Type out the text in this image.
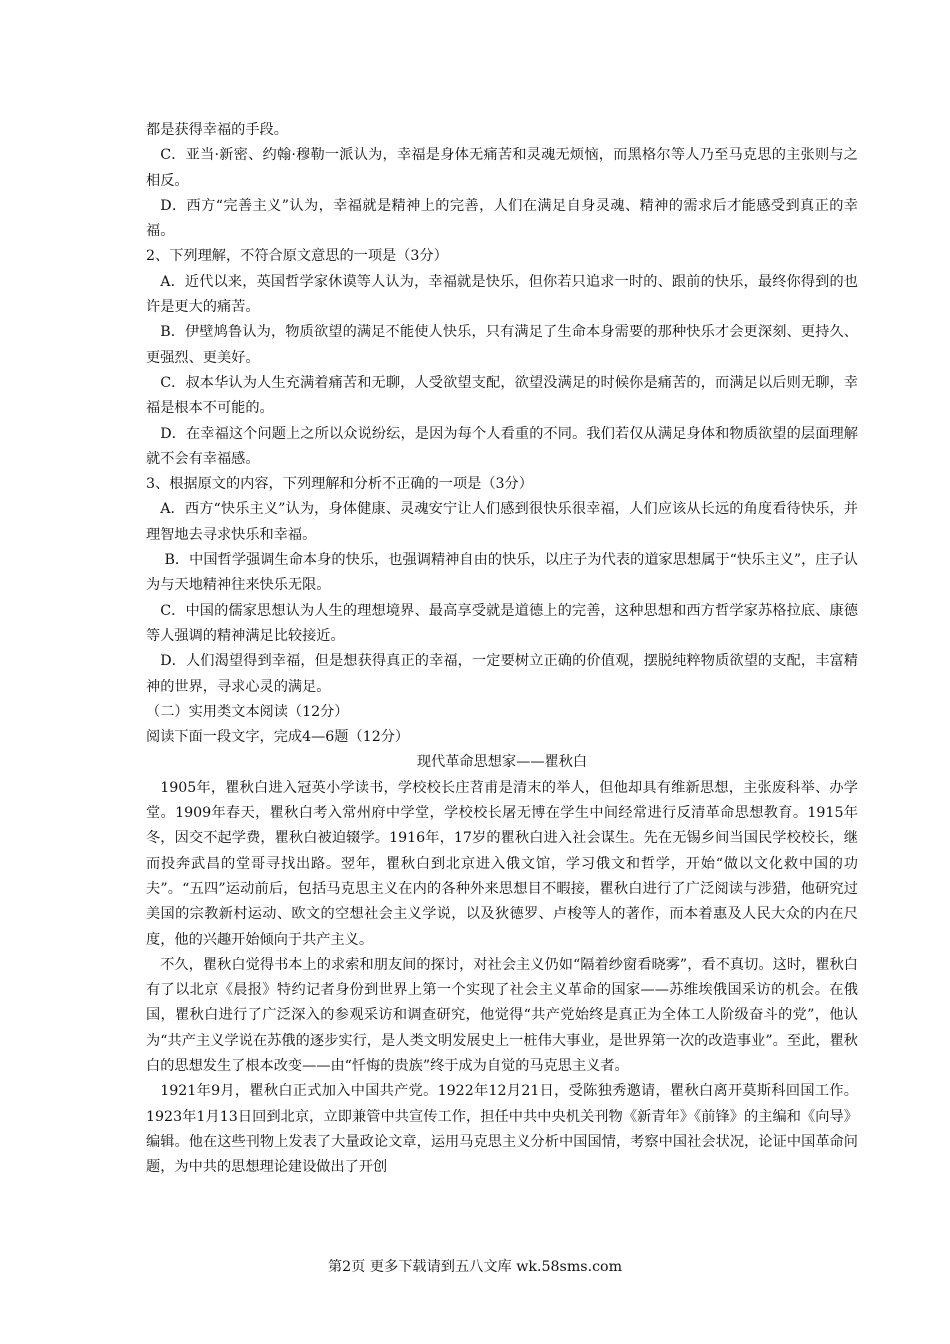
都是获得幸福的手段。

C．亚当·新密、约翰·穆勒一派认为，幸福是身体无痛苦和灵魂无烦恼，而黑格尔等人乃至马克思的主张则与之相反。

D．西方“完善主义”认为，幸福就是精神上的完善，人们在满足自身灵魂、精神的需求后才能感受到真正的幸福。

2、下列理解，不符合原文意思的一项是（3分）

A．近代以来，英国哲学家休谟等人认为，幸福就是快乐，但你若只追求一时的、跟前的快乐，最终你得到的也许是更大的痛苦。

B．伊壁鸠鲁认为，物质欲望的满足不能使人快乐，只有满足了生命本身需要的那种快乐才会更深刻、更持久、更强烈、更美好。

C．叔本华认为人生充满着痛苦和无聊，人受欲望支配，欲望没满足的时候你是痛苦的，而满足以后则无聊，幸福是根本不可能的。

D．在幸福这个问题上之所以众说纷纭，是因为每个人看重的不同。我们若仅从满足身体和物质欲望的层面理解就不会有幸福感。

3、根据原文的内容，下列理解和分析不正确的一项是（3分）

A．西方“快乐主义”认为，身体健康、灵魂安宁让人们感到很快乐很幸福，人们应该从长远的角度看待快乐，并理智地去寻求快乐和幸福。

B．中国哲学强调生命本身的快乐，也强调精神自由的快乐，以庄子为代表的道家思想属于“快乐主义”，庄子认为与天地精神往来快乐无限。

C．中国的儒家思想认为人生的理想境界、最高享受就是道德上的完善，这种思想和西方哲学家苏格拉底、康德等人强调的精神满足比较接近。

D．人们渴望得到幸福，但是想获得真正的幸福，一定要树立正确的价值观，摆脱纯粹物质欲望的支配，丰富精神的世界，寻求心灵的满足。

（二）实用类文本阅读（12分）

阅读下面一段文字，完成4—6题（12分）

现代革命思想家——瞿秋白

1905年，瞿秋白进入冠英小学读书，学校校长庄苕甫是清末的举人，但他却具有维新思想，主张废科举、办学堂。1909年春天，瞿秋白考入常州府中学堂，学校校长屠无博在学生中间经常进行反清革命思想教育。1915年冬，因交不起学费，瞿秋白被迫辍学。1916年，17岁的瞿秋白进入社会谋生。先在无锡乡间当国民学校校长，继而投奔武昌的堂哥寻找出路。翌年，瞿秋白到北京进入俄文馆，学习俄文和哲学，开始“做以文化救中国的功夫”。“五四”运动前后，包括马克思主义在内的各种外来思想目不暇接，瞿秋白进行了广泛阅读与涉猎，他研究过美国的宗教新村运动、欧文的空想社会主义学说，以及狄德罗、卢梭等人的著作，而本着惠及人民大众的内在尺度，他的兴趣开始倾向于共产主义。

不久，瞿秋白觉得书本上的求索和朋友间的探讨，对社会主义仍如“隔着纱窗看晓雾”，看不真切。这时，瞿秋白有了以北京《晨报》特约记者身份到世界上第一个实现了社会主义革命的国家——苏维埃俄国采访的机会。在俄国，瞿秋白进行了广泛深入的参观采访和调查研究，他觉得“共产党始终是真正为全体工人阶级奋斗的党”，他认为“共产主义学说在苏俄的逐步实行，是人类文明发展史上一桩伟大事业，是世界第一次的改造事业”。至此，瞿秋白的思想发生了根本改变——由“忏悔的贵族”终于成为自觉的马克思主义者。

1921年9月，瞿秋白正式加入中国共产党。1922年12月21日，受陈独秀邀请，瞿秋白离开莫斯科回国工作。1923年1月13日回到北京，立即兼管中共宣传工作，担任中共中央机关刊物《新青年》《前锋》的主编和《向导》编辑。他在这些刊物上发表了大量政论文章，运用马克思主义分析中国国情，考察中国社会状况，论证中国革命问题，为中共的思想理论建设做出了开创

第2页 更多下载请到五八文库 wk.58sms.com
